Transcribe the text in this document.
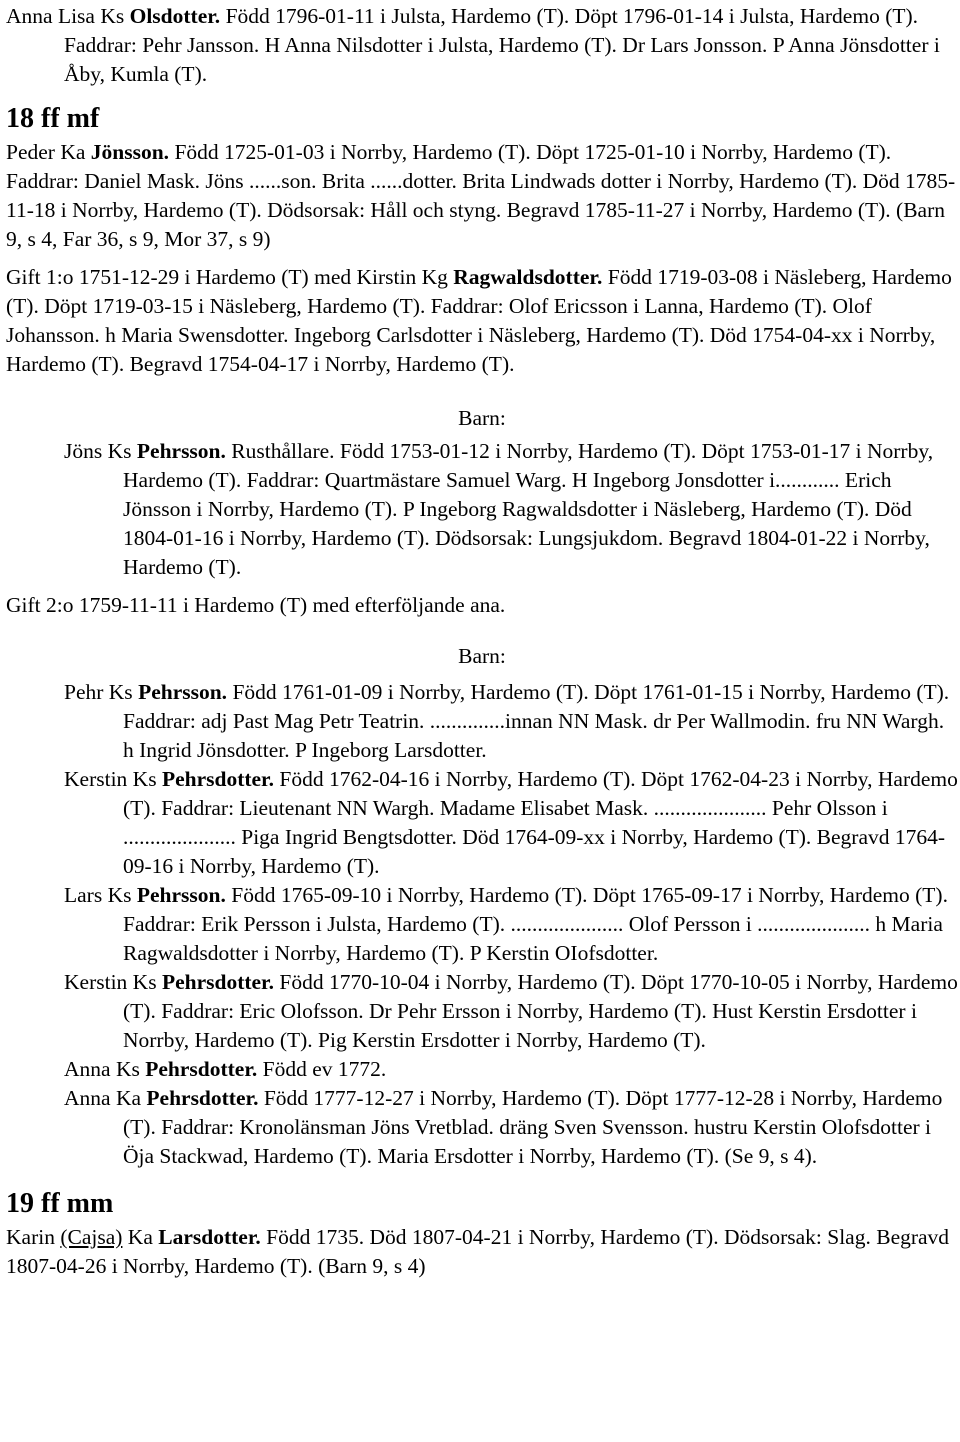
Anna Lisa Ks Olsdotter. Född 1796-01-11 i Julsta, Hardemo (T). Döpt 1796-01-14 i Julsta, Hardemo (T). Faddrar: Pehr Jansson. H Anna Nilsdotter i Julsta, Hardemo (T). Dr Lars Jonsson. P Anna Jönsdotter i Åby, Kumla (T).

18 ff mf

Peder Ka Jönsson. Född 1725-01-03 i Norrby, Hardemo (T). Döpt 1725-01-10 i Norrby, Hardemo (T). Faddrar: Daniel Mask. Jöns ......son. Brita ......dotter. Brita Lindwads dotter i Norrby, Hardemo (T). Död 1785-11-18 i Norrby, Hardemo (T). Dödsorsak: Håll och styng. Begravd 1785-11-27 i Norrby, Hardemo (T). (Barn 9, s 4, Far 36, s 9, Mor 37, s 9)

Gift 1:o 1751-12-29 i Hardemo (T) med Kirstin Kg Ragwaldsdotter. Född 1719-03-08 i Näsleberg, Hardemo (T). Döpt 1719-03-15 i Näsleberg, Hardemo (T). Faddrar: Olof Ericsson i Lanna, Hardemo (T). Olof Johansson. h Maria Swensdotter. Ingeborg Carlsdotter i Näsleberg, Hardemo (T). Död 1754-04-xx i Norrby, Hardemo (T). Begravd 1754-04-17 i Norrby, Hardemo (T).

Barn:

Jöns Ks Pehrsson. Rusthållare. Född 1753-01-12 i Norrby, Hardemo (T). Döpt 1753-01-17 i Norrby, Hardemo (T). Faddrar: Quartmästare Samuel Warg. H Ingeborg Jonsdotter i............ Erich Jönsson i Norrby, Hardemo (T). P Ingeborg Ragwaldsdotter i Näsleberg, Hardemo (T). Död 1804-01-16 i Norrby, Hardemo (T). Dödsorsak: Lungsjukdom. Begravd 1804-01-22 i Norrby, Hardemo (T).

Gift 2:o 1759-11-11 i Hardemo (T) med efterföljande ana.

Barn:

Pehr Ks Pehrsson. Född 1761-01-09 i Norrby, Hardemo (T). Döpt 1761-01-15 i Norrby, Hardemo (T). Faddrar: adj Past Mag Petr Teatrin. ..............innan NN Mask. dr Per Wallmodin. fru NN Wargh. h Ingrid Jönsdotter. P Ingeborg Larsdotter.

Kerstin Ks Pehrsdotter. Född 1762-04-16 i Norrby, Hardemo (T). Döpt 1762-04-23 i Norrby, Hardemo (T). Faddrar: Lieutenant NN Wargh. Madame Elisabet Mask. ..................... Pehr Olsson i ..................... Piga Ingrid Bengtsdotter. Död 1764-09-xx i Norrby, Hardemo (T). Begravd 1764-09-16 i Norrby, Hardemo (T).

Lars Ks Pehrsson. Född 1765-09-10 i Norrby, Hardemo (T). Döpt 1765-09-17 i Norrby, Hardemo (T). Faddrar: Erik Persson i Julsta, Hardemo (T). ..................... Olof Persson i ..................... h Maria Ragwaldsdotter i Norrby, Hardemo (T). P Kerstin OIofsdotter.

Kerstin Ks Pehrsdotter. Född 1770-10-04 i Norrby, Hardemo (T). Döpt 1770-10-05 i Norrby, Hardemo (T). Faddrar: Eric Olofsson. Dr Pehr Ersson i Norrby, Hardemo (T). Hust Kerstin Ersdotter i Norrby, Hardemo (T). Pig Kerstin Ersdotter i Norrby, Hardemo (T).

Anna Ks Pehrsdotter. Född ev 1772.

Anna Ka Pehrsdotter. Född 1777-12-27 i Norrby, Hardemo (T). Döpt 1777-12-28 i Norrby, Hardemo (T). Faddrar: Kronolänsman Jöns Vretblad. dräng Sven Svensson. hustru Kerstin Olofsdotter i Öja Stackwad, Hardemo (T). Maria Ersdotter i Norrby, Hardemo (T). (Se 9, s 4).

19 ff mm

Karin (Cajsa) Ka Larsdotter. Född 1735. Död 1807-04-21 i Norrby, Hardemo (T). Dödsorsak: Slag. Begravd 1807-04-26 i Norrby, Hardemo (T). (Barn 9, s 4)
